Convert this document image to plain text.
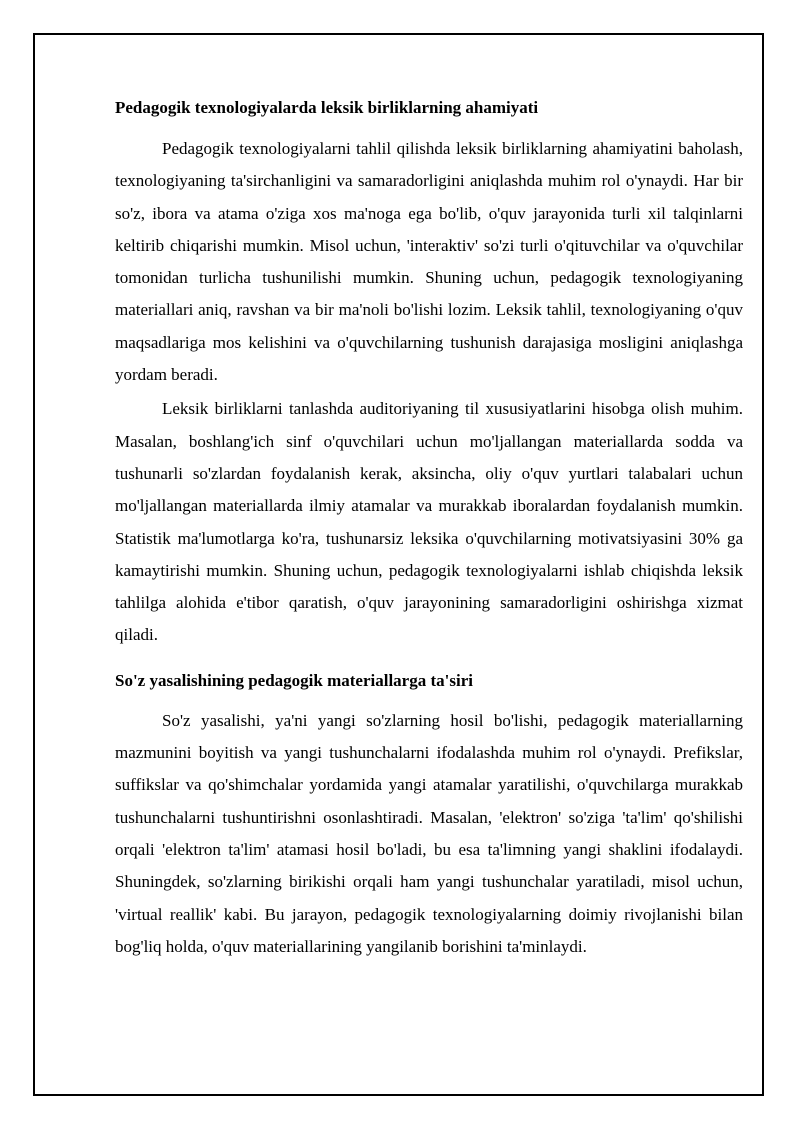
Pedagogik texnologiyalarda leksik birliklarning ahamiyati

Pedagogik texnologiyalarni tahlil qilishda leksik birliklarning ahamiyatini baholash, texnologiyaning ta'sirchanligini va samaradorligini aniqlashda muhim rol o'ynaydi. Har bir so'z, ibora va atama o'ziga xos ma'noga ega bo'lib, o'quv jarayonida turli xil talqinlarni keltirib chiqarishi mumkin. Misol uchun, 'interaktiv' so'zi turli o'qituvchilar va o'quvchilar tomonidan turlicha tushunilishi mumkin. Shuning uchun, pedagogik texnologiyaning materiallari aniq, ravshan va bir ma'noli bo'lishi lozim. Leksik tahlil, texnologiyaning o'quv maqsadlariga mos kelishini va o'quvchilarning tushunish darajasiga mosligini aniqlashga yordam beradi.

Leksik birliklarni tanlashda auditoriyaning til xususiyatlarini hisobga olish muhim. Masalan, boshlang'ich sinf o'quvchilari uchun mo'ljallangan materiallarda sodda va tushunarli so'zlardan foydalanish kerak, aksincha, oliy o'quv yurtlari talabalari uchun mo'ljallangan materiallarda ilmiy atamalar va murakkab iboralardan foydalanish mumkin. Statistik ma'lumotlarga ko'ra, tushunarsiz leksika o'quvchilarning motivatsiyasini 30% ga kamaytirishi mumkin. Shuning uchun, pedagogik texnologiyalarni ishlab chiqishda leksik tahlilga alohida e'tibor qaratish, o'quv jarayonining samaradorligini oshirishga xizmat qiladi.

So'z yasalishining pedagogik materiallarga ta'siri

So'z yasalishi, ya'ni yangi so'zlarning hosil bo'lishi, pedagogik materiallarning mazmunini boyitish va yangi tushunchalarni ifodalashda muhim rol o'ynaydi. Prefikslar, suffikslar va qo'shimchalar yordamida yangi atamalar yaratilishi, o'quvchilarga murakkab tushunchalarni tushuntirishni osonlashtiradi. Masalan, 'elektron' so'ziga 'ta'lim' qo'shilishi orqali 'elektron ta'lim' atamasi hosil bo'ladi, bu esa ta'limning yangi shaklini ifodalaydi. Shuningdek, so'zlarning birikishi orqali ham yangi tushunchalar yaratiladi, misol uchun, 'virtual reallik' kabi. Bu jarayon, pedagogik texnologiyalarning doimiy rivojlanishi bilan bog'liq holda, o'quv materiallarining yangilanib borishini ta'minlaydi.
